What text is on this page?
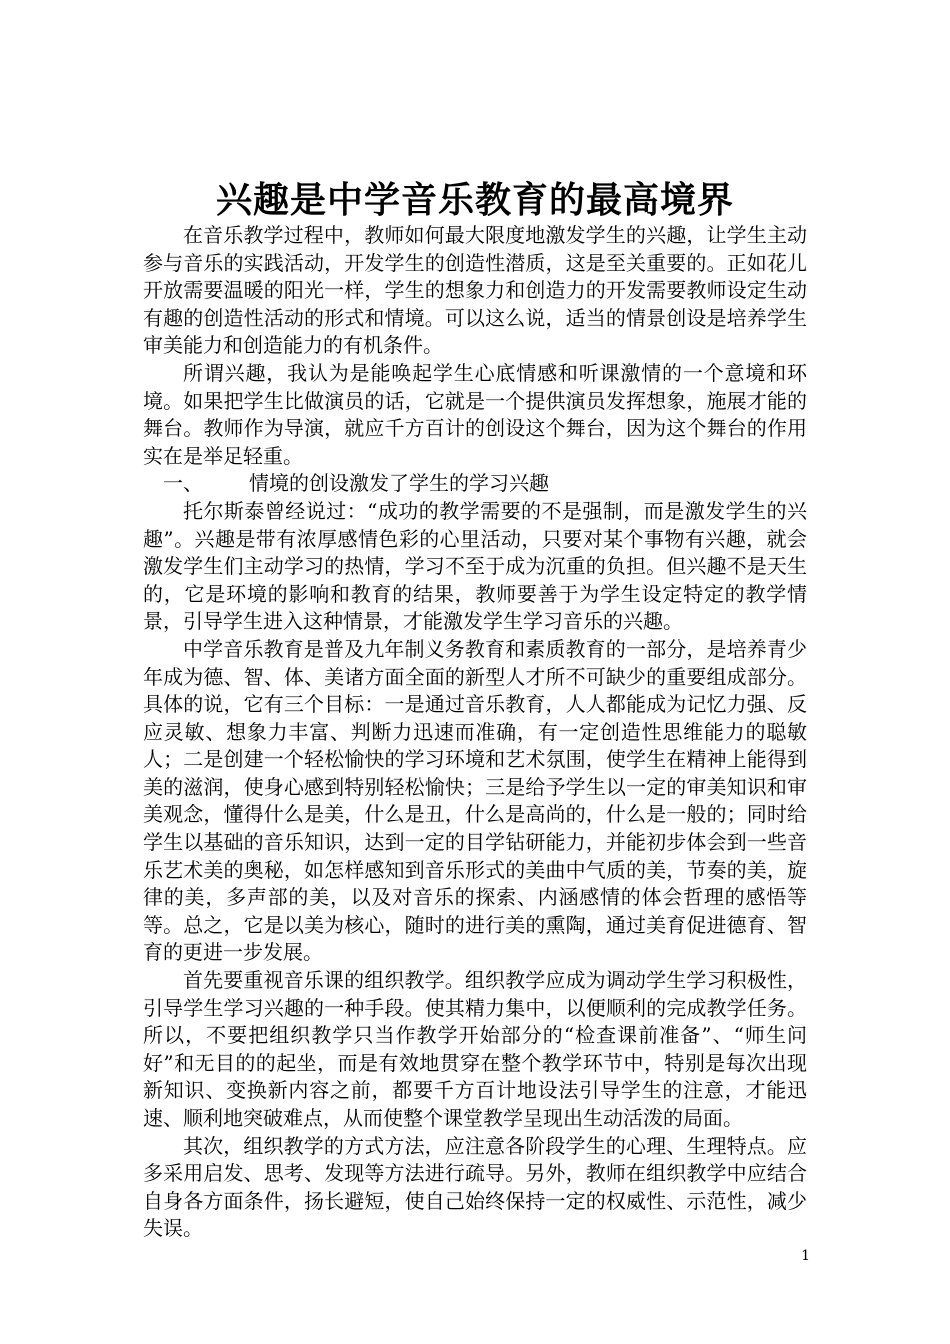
兴趣是中学音乐教育的最高境界

在音乐教学过程中，教师如何最大限度地激发学生的兴趣，让学生主动参与音乐的实践活动，开发学生的创造性潜质，这是至关重要的。正如花儿开放需要温暖的阳光一样，学生的想象力和创造力的开发需要教师设定生动有趣的创造性活动的形式和情境。可以这么说，适当的情景创设是培养学生审美能力和创造能力的有机条件。

所谓兴趣，我认为是能唤起学生心底情感和听课激情的一个意境和环境。如果把学生比做演员的话，它就是一个提供演员发挥想象，施展才能的舞台。教师作为导演，就应千方百计的创设这个舞台，因为这个舞台的作用实在是举足轻重。

一、 情境的创设激发了学生的学习兴趣

托尔斯泰曾经说过：“成功的教学需要的不是强制，而是激发学生的兴趣”。兴趣是带有浓厚感情色彩的心里活动，只要对某个事物有兴趣，就会激发学生们主动学习的热情，学习不至于成为沉重的负担。但兴趣不是天生的，它是环境的影响和教育的结果，教师要善于为学生设定特定的教学情景，引导学生进入这种情景，才能激发学生学习音乐的兴趣。

中学音乐教育是普及九年制义务教育和素质教育的一部分，是培养青少年成为德、智、体、美诸方面全面的新型人才所不可缺少的重要组成部分。具体的说，它有三个目标：一是通过音乐教育，人人都能成为记忆力强、反应灵敏、想象力丰富、判断力迅速而准确，有一定创造性思维能力的聪敏人；二是创建一个轻松愉快的学习环境和艺术氛围，使学生在精神上能得到美的滋润，使身心感到特别轻松愉快；三是给予学生以一定的审美知识和审美观念，懂得什么是美，什么是丑，什么是高尚的，什么是一般的；同时给学生以基础的音乐知识，达到一定的目学钻研能力，并能初步体会到一些音乐艺术美的奥秘，如怎样感知到音乐形式的美曲中气质的美，节奏的美，旋律的美，多声部的美，以及对音乐的探索、内涵感情的体会哲理的感悟等等。总之，它是以美为核心，随时的进行美的熏陶，通过美育促进德育、智育的更进一步发展。

首先要重视音乐课的组织教学。组织教学应成为调动学生学习积极性，引导学生学习兴趣的一种手段。使其精力集中，以便顺利的完成教学任务。所以，不要把组织教学只当作教学开始部分的“检查课前准备”、“师生问好”和无目的的起坐，而是有效地贯穿在整个教学环节中，特别是每次出现新知识、变换新内容之前，都要千方百计地设法引导学生的注意，才能迅速、顺利地突破难点，从而使整个课堂教学呈现出生动活泼的局面。

其次，组织教学的方式方法，应注意各阶段学生的心理、生理特点。应多采用启发、思考、发现等方法进行疏导。另外，教师在组织教学中应结合自身各方面条件，扬长避短，使自己始终保持一定的权威性、示范性，减少失误。

1
